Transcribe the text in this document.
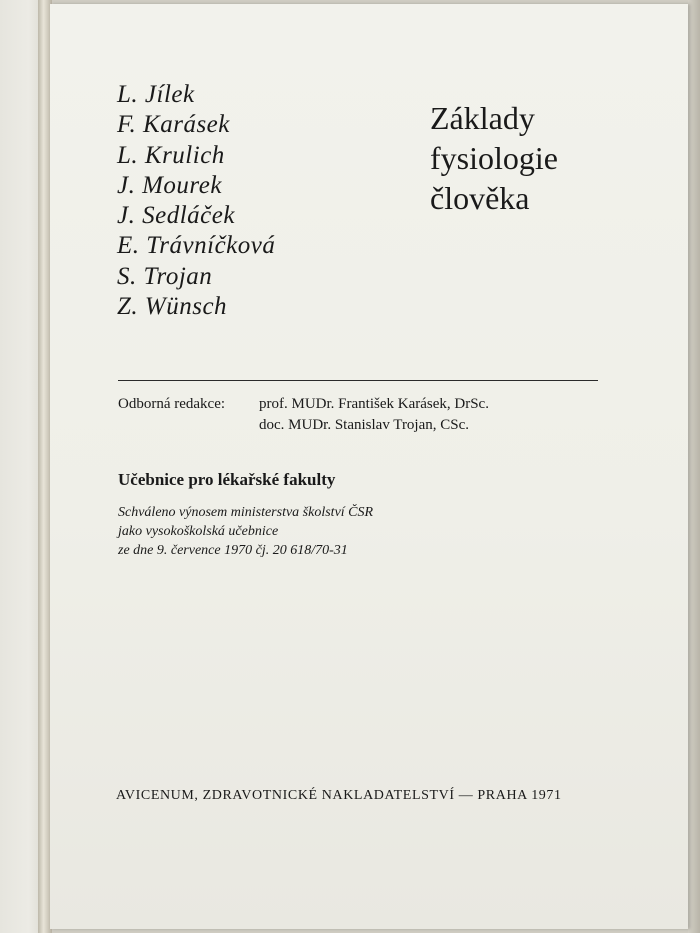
L. Jílek
F. Karásek
L. Krulich
J. Mourek
J. Sedláček
E. Trávníčková
S. Trojan
Z. Wünsch
Základy
fysiologie
člověka
Odborná redakce: prof. MUDr. František Karásek, DrSc.
doc. MUDr. Stanislav Trojan, CSc.
Učebnice pro lékařské fakulty
Schváleno výnosem ministerstva školství ČSR
jako vysokoškolská učebnice
ze dne 9. července 1970 čj. 20 618/70-31
AVICENUM, ZDRAVOTNICKÉ NAKLADATELSTVÍ — PRAHA 1971
